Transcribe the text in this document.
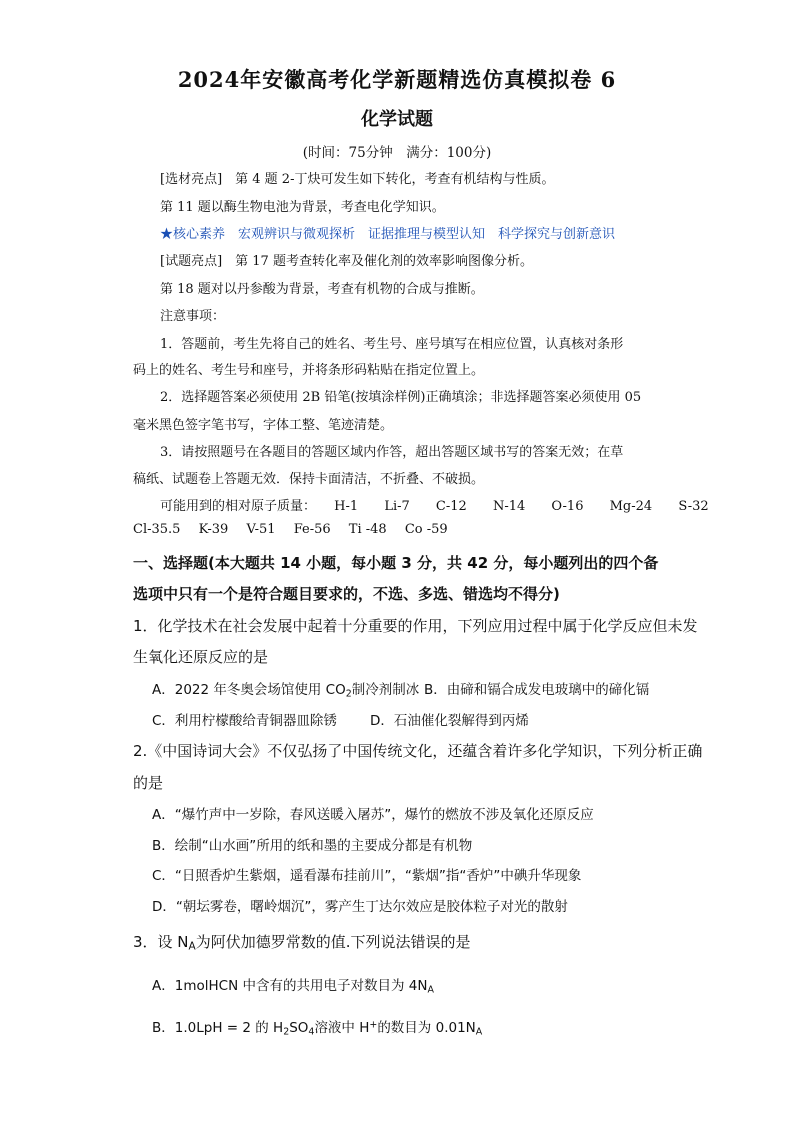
2024年安徽高考化学新题精选仿真模拟卷 6
化学试题
(时间：75分钟　满分：100分)
[选材亮点]　第 4 题 2-丁炔可发生如下转化，考查有机结构与性质。
第 11 题以酶生物电池为背景，考查电化学知识。
★核心素养　宏观辨识与微观探析　证据推理与模型认知　科学探究与创新意识
[试题亮点]　第 17 题考查转化率及催化剂的效率影响图像分析。
第 18 题对以丹参酸为背景，考查有机物的合成与推断。
注意事项：
1．答题前，考生先将自己的姓名、考生号、座号填写在相应位置，认真核对条形
码上的姓名、考生号和座号，并将条形码粘贴在指定位置上。
2．选择题答案必须使用 2B 铅笔(按填涂样例)正确填涂；非选择题答案必须使用 05
毫米黑色签字笔书写，字体工整、笔迹清楚。
3．请按照题号在各题目的答题区域内作答，超出答题区域书写的答案无效；在草
稿纸、试题卷上答题无效．保持卡面清洁，不折叠、不破损。
可能用到的相对原子质量： H-1 Li-7 C-12 N-14 O-16 Mg-24 S-32
Cl-35.5 K-39 V-51 Fe-56 Ti -48 Co -59
一、选择题(本大题共 14 小题，每小题 3 分，共 42 分，每小题列出的四个备
选项中只有一个是符合题目要求的，不选、多选、错选均不得分)
1．化学技术在社会发展中起着十分重要的作用，下列应用过程中属于化学反应但未发
生氧化还原反应的是
A．2022 年冬奥会场馆使用 $CO_2$制冷剂制冰 B．由碲和镉合成发电玻璃中的碲化镉
C．利用柠檬酸给青铜器皿除锈 D．石油催化裂解得到丙烯
2.《中国诗词大会》不仅弘扬了中国传统文化，还蕴含着许多化学知识，下列分析正确
的是
A．“爆竹声中一岁除，春风送暖入屠苏”，爆竹的燃放不涉及氧化还原反应
B．绘制“山水画”所用的纸和墨的主要成分都是有机物
C．“日照香炉生紫烟，遥看瀑布挂前川”，“紫烟”指“香炉”中碘升华现象
D．“朝坛雾卷，曙岭烟沉”，雾产生丁达尔效应是胶体粒子对光的散射
3．设 $N_A$为阿伏加德罗常数的值.下列说法错误的是
A．1molHCN 中含有的共用电子对数目为 $4N_A$
B．1.0LpH = 2 的 $H_2SO_4$溶液中 H+的数目为 $0.01N_A$
